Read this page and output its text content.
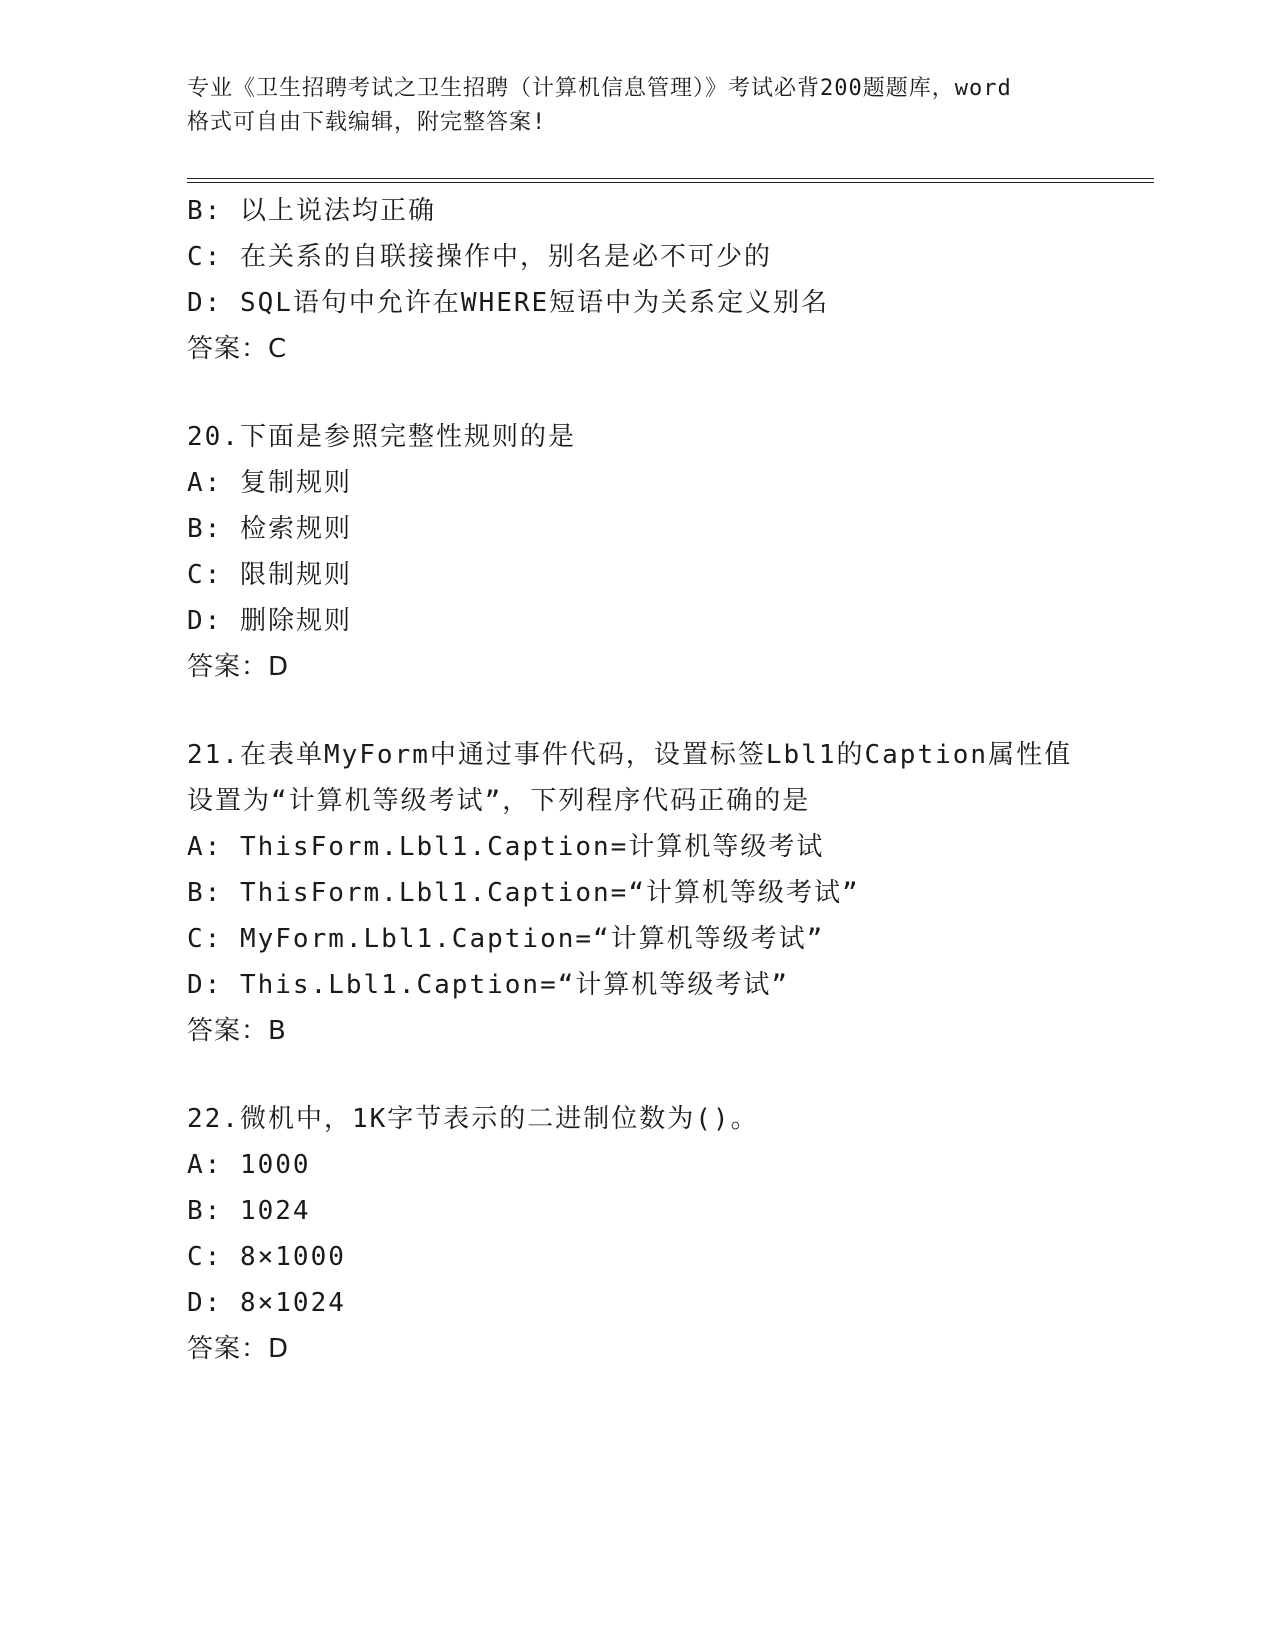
专业《卫生招聘考试之卫生招聘（计算机信息管理）》考试必背200题题库，word
格式可自由下载编辑，附完整答案!
B: 以上说法均正确
C: 在关系的自联接操作中，别名是必不可少的
D: SQL语句中允许在WHERE短语中为关系定义别名
答案：C
20.下面是参照完整性规则的是
A: 复制规则
B: 检索规则
C: 限制规则
D: 删除规则
答案：D
21.在表单MyForm中通过事件代码，设置标签Lbl1的Caption属性值
设置为“计算机等级考试”，下列程序代码正确的是
A: ThisForm.Lbl1.Caption=计算机等级考试
B: ThisForm.Lbl1.Caption=“计算机等级考试”
C: MyForm.Lbl1.Caption=“计算机等级考试”
D: This.Lbl1.Caption=“计算机等级考试”
答案：B
22.微机中，1K字节表示的二进制位数为()。
A: 1000
B: 1024
C: 8×1000
D: 8×1024
答案：D
